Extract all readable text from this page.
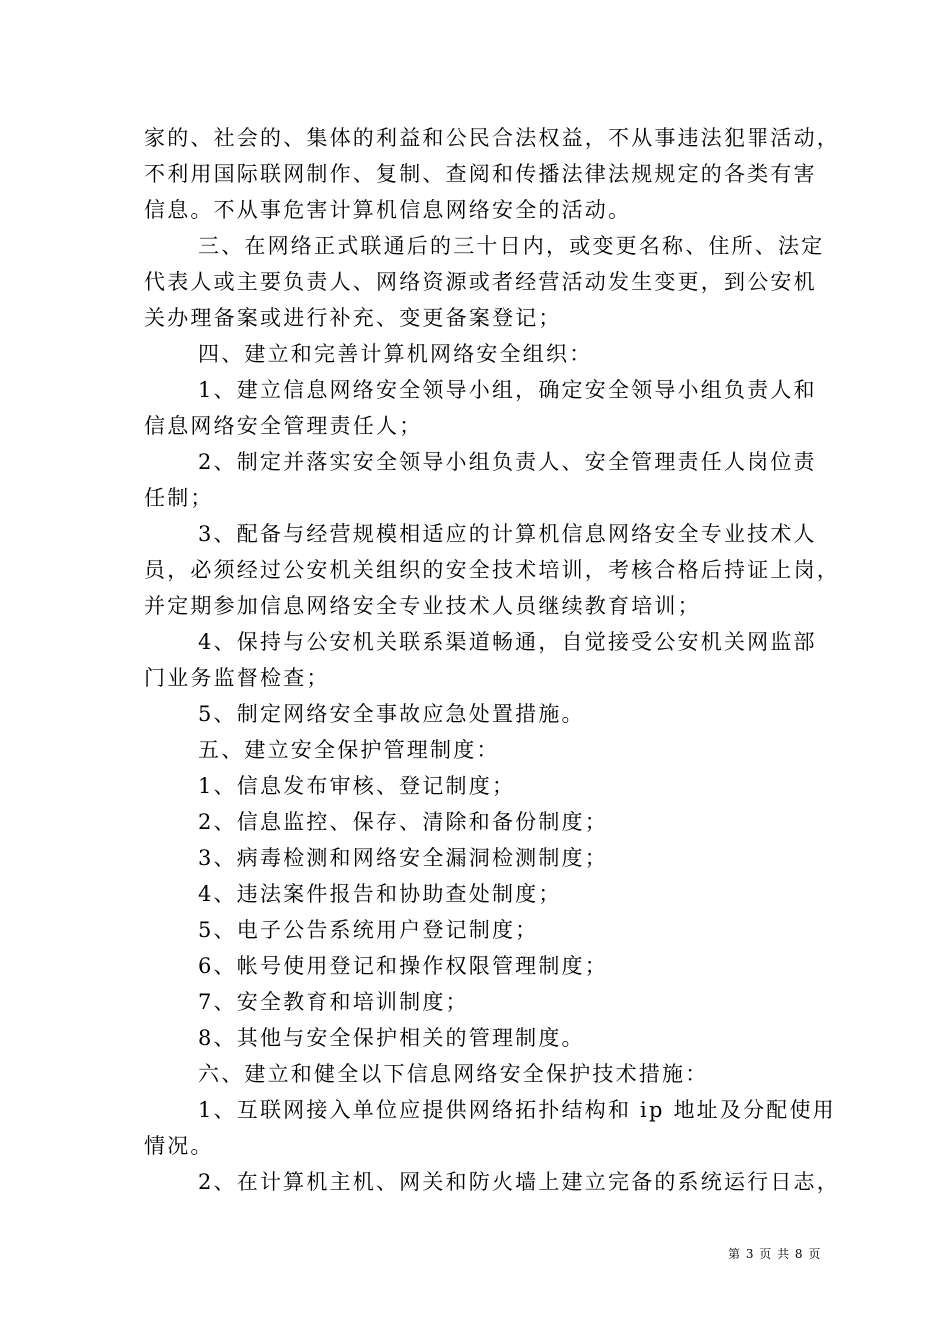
家的、社会的、集体的利益和公民合法权益，不从事违法犯罪活动，
不利用国际联网制作、复制、查阅和传播法律法规规定的各类有害
信息。不从事危害计算机信息网络安全的活动。
三、在网络正式联通后的三十日内，或变更名称、住所、法定
代表人或主要负责人、网络资源或者经营活动发生变更，到公安机
关办理备案或进行补充、变更备案登记；
四、建立和完善计算机网络安全组织：
1、建立信息网络安全领导小组，确定安全领导小组负责人和
信息网络安全管理责任人；
2、制定并落实安全领导小组负责人、安全管理责任人岗位责
任制；
3、配备与经营规模相适应的计算机信息网络安全专业技术人
员，必须经过公安机关组织的安全技术培训，考核合格后持证上岗，
并定期参加信息网络安全专业技术人员继续教育培训；
4、保持与公安机关联系渠道畅通，自觉接受公安机关网监部
门业务监督检查；
5、制定网络安全事故应急处置措施。
五、建立安全保护管理制度：
1、信息发布审核、登记制度；
2、信息监控、保存、清除和备份制度；
3、病毒检测和网络安全漏洞检测制度；
4、违法案件报告和协助查处制度；
5、电子公告系统用户登记制度；
6、帐号使用登记和操作权限管理制度；
7、安全教育和培训制度；
8、其他与安全保护相关的管理制度。
六、建立和健全以下信息网络安全保护技术措施：
1、互联网接入单位应提供网络拓扑结构和 ip 地址及分配使用
情况。
2、在计算机主机、网关和防火墙上建立完备的系统运行日志，
第 3 页 共 8 页
